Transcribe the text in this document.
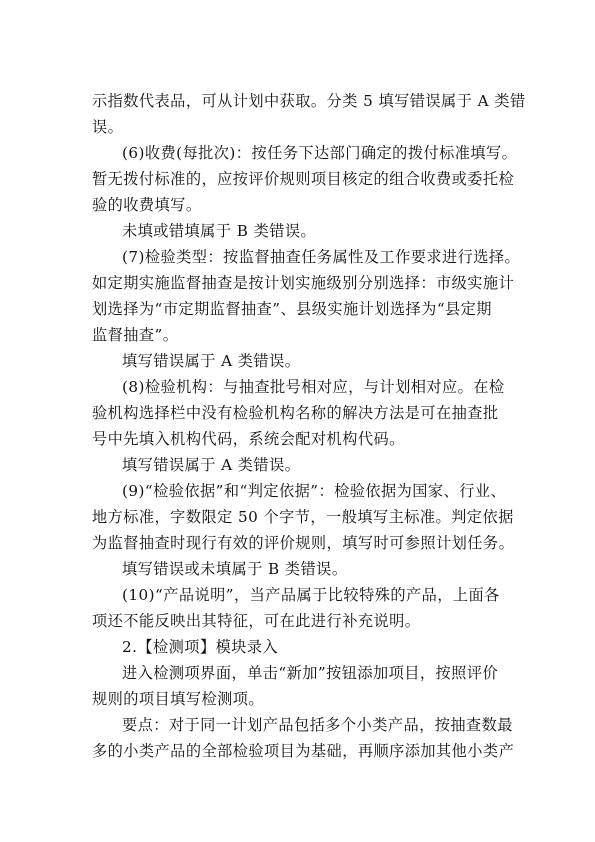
示指数代表品，可从计划中获取。分类 5 填写错误属于 A 类错
误。
(6)收费(每批次)：按任务下达部门确定的拨付标准填写。
暂无拨付标准的，应按评价规则项目核定的组合收费或委托检
验的收费填写。
未填或错填属于 B 类错误。
(7)检验类型：按监督抽查任务属性及工作要求进行选择。
如定期实施监督抽查是按计划实施级别分别选择：市级实施计
划选择为“市定期监督抽查”、县级实施计划选择为“县定期
监督抽查”。
填写错误属于 A 类错误。
(8)检验机构：与抽查批号相对应，与计划相对应。在检
验机构选择栏中没有检验机构名称的解决方法是可在抽查批
号中先填入机构代码，系统会配对机构代码。
填写错误属于 A 类错误。
(9)“检验依据”和“判定依据”：检验依据为国家、行业、
地方标准，字数限定 50 个字节，一般填写主标准。判定依据
为监督抽查时现行有效的评价规则，填写时可参照计划任务。
填写错误或未填属于 B 类错误。
(10)“产品说明”，当产品属于比较特殊的产品，上面各
项还不能反映出其特征，可在此进行补充说明。
2.【检测项】模块录入
进入检测项界面，单击“新加”按钮添加项目，按照评价
规则的项目填写检测项。
要点：对于同一计划产品包括多个小类产品，按抽查数最
多的小类产品的全部检验项目为基础，再顺序添加其他小类产
